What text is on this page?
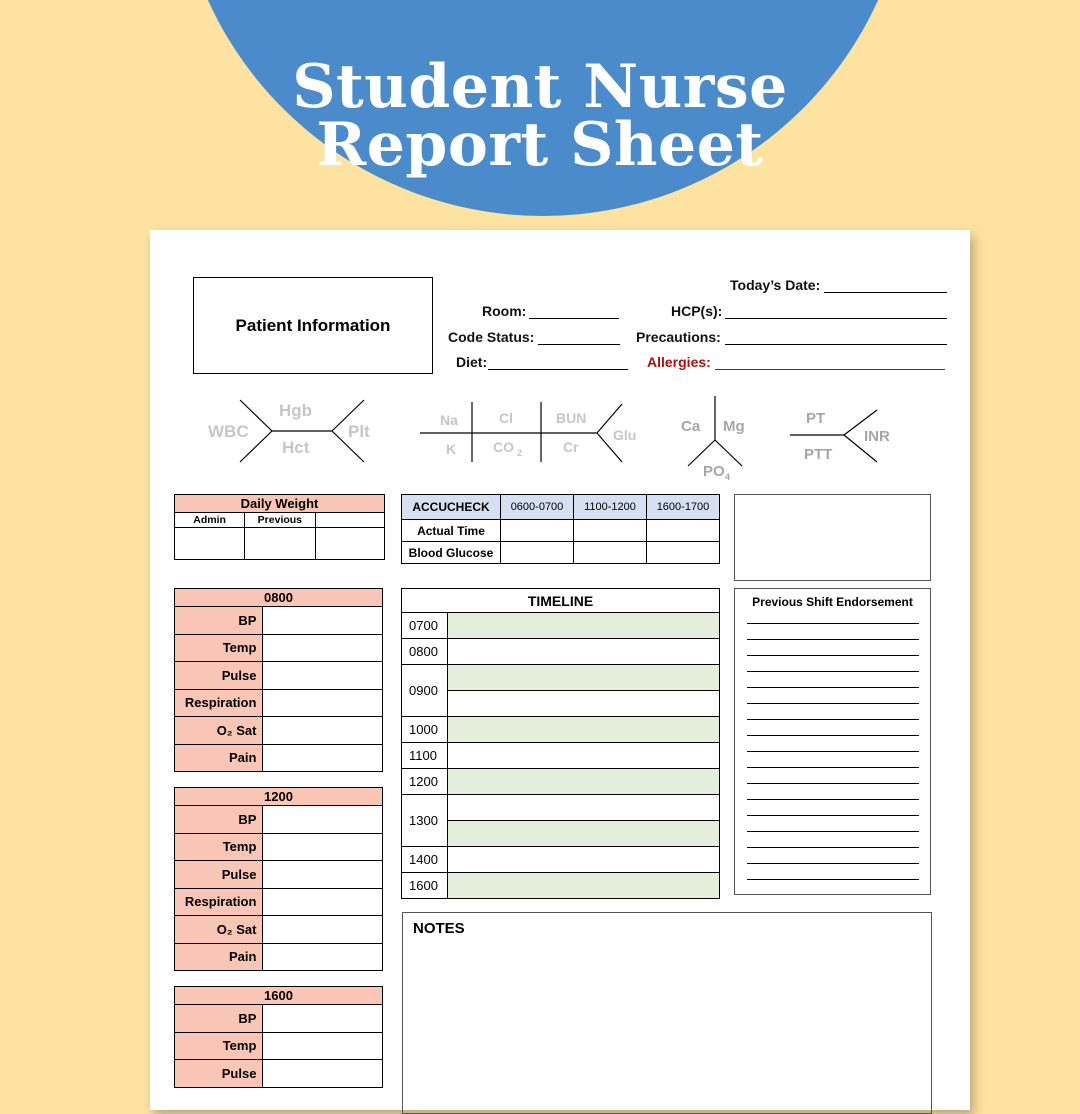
Student Nurse
Report Sheet
Patient Information
Today’s Date:
Room:	HCP(s):
Code Status:	Precautions:
Diet:	Allergies:
WBC
Hgb
Hct
Plt
Na	Cl	BUN
K	CO 2	Cr
Glu	Ca Mg
PO 4
PT
PTT
INR
Daily Weight		
Admin	Previous	

ACCUCHECK	0600-0700	1100-1200	1600-1700
Actual Time			
Blood Glucose			
0800	
BP	
Temp	
Pulse	
Respiration	
O₂ Sat	
Pain	
1200	
BP	
Temp	
Pulse	
Respiration	
O₂ Sat	
Pain	
1600	
BP	
Temp	
Pulse	
TIMELINE	
0700	
0800	
0900	

1000	
1100	
1200	
1300	

1400	
1600	
Previous Shift Endorsement
NOTES
